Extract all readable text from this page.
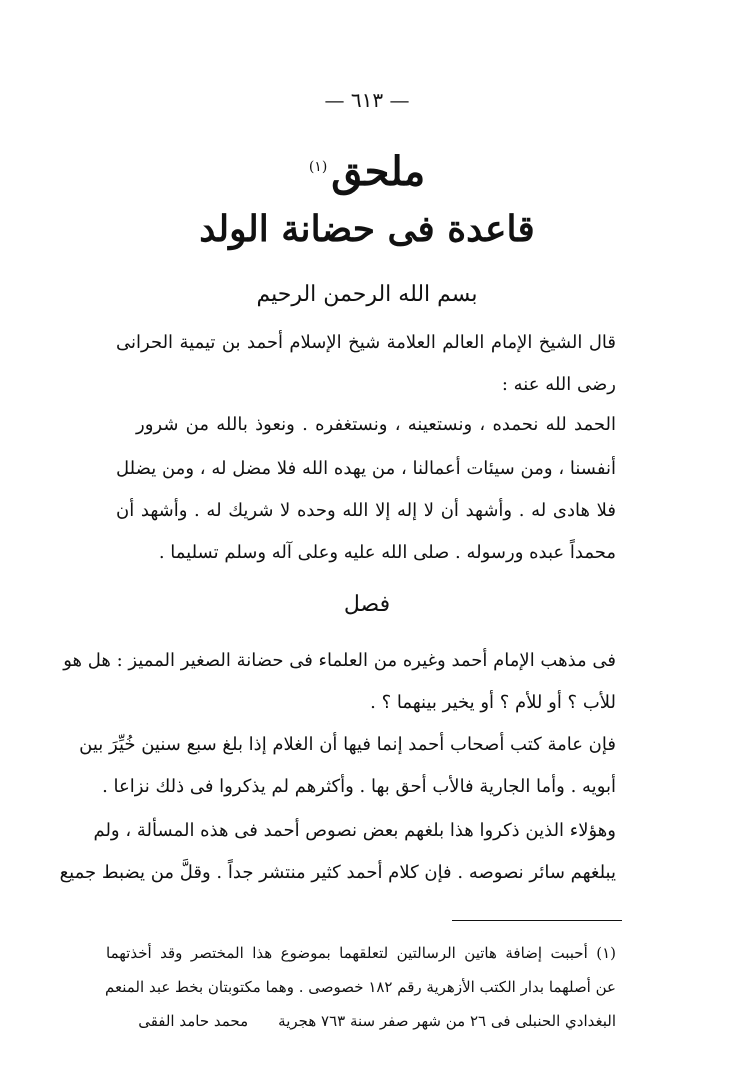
— ٦١٣ —
ملحق$^{(١)}$
قاعدة فى حضانة الولد
بسم الله الرحمن الرحيم
قال الشيخ الإمام العالم العلامة شيخ الإسلام أحمد بن تيمية الحرانى
رضى الله عنه :
الحمد لله نحمده ، ونستعينه ، ونستغفره . ونعوذ بالله من شرور
أنفسنا ، ومن سيئات أعمالنا ، من يهده الله فلا مضل له ، ومن يضلل
فلا هادى له . وأشهد أن لا إله إلا الله وحده لا شريك له . وأشهد أن
محمداً عبده ورسوله . صلى الله عليه وعلى آله وسلم تسليما .
فصل
فى مذهب الإمام أحمد وغيره من العلماء فى حضانة الصغير المميز : هل هو
للأب ؟ أو للأم ؟ أو يخير بينهما ؟ .
فإن عامة كتب أصحاب أحمد إنما فيها أن الغلام إذا بلغ سبع سنين خُيِّرَ بين
أبويه . وأما الجارية فالأب أحق بها . وأكثرهم لم يذكروا فى ذلك نزاعا .
وهؤلاء الذين ذكروا هذا بلغهم بعض نصوص أحمد فى هذه المسألة ، ولم
يبلغهم سائر نصوصه . فإن كلام أحمد كثير منتشر جداً . وقلَّ من يضبط جميع
(١) أحببت إضافة هاتين الرسالتين لتعلقهما بموضوع هذا المختصر وقد أخذتهما
عن أصلهما بدار الكتب الأزهرية رقم ١٨٢ خصوصى . وهما مكتوبتان بخط عبد المنعم
البغدادي الحنبلى فى ٢٦ من شهر صفر سنة ٧٦٣ هجريةمحمد حامد الفقى
